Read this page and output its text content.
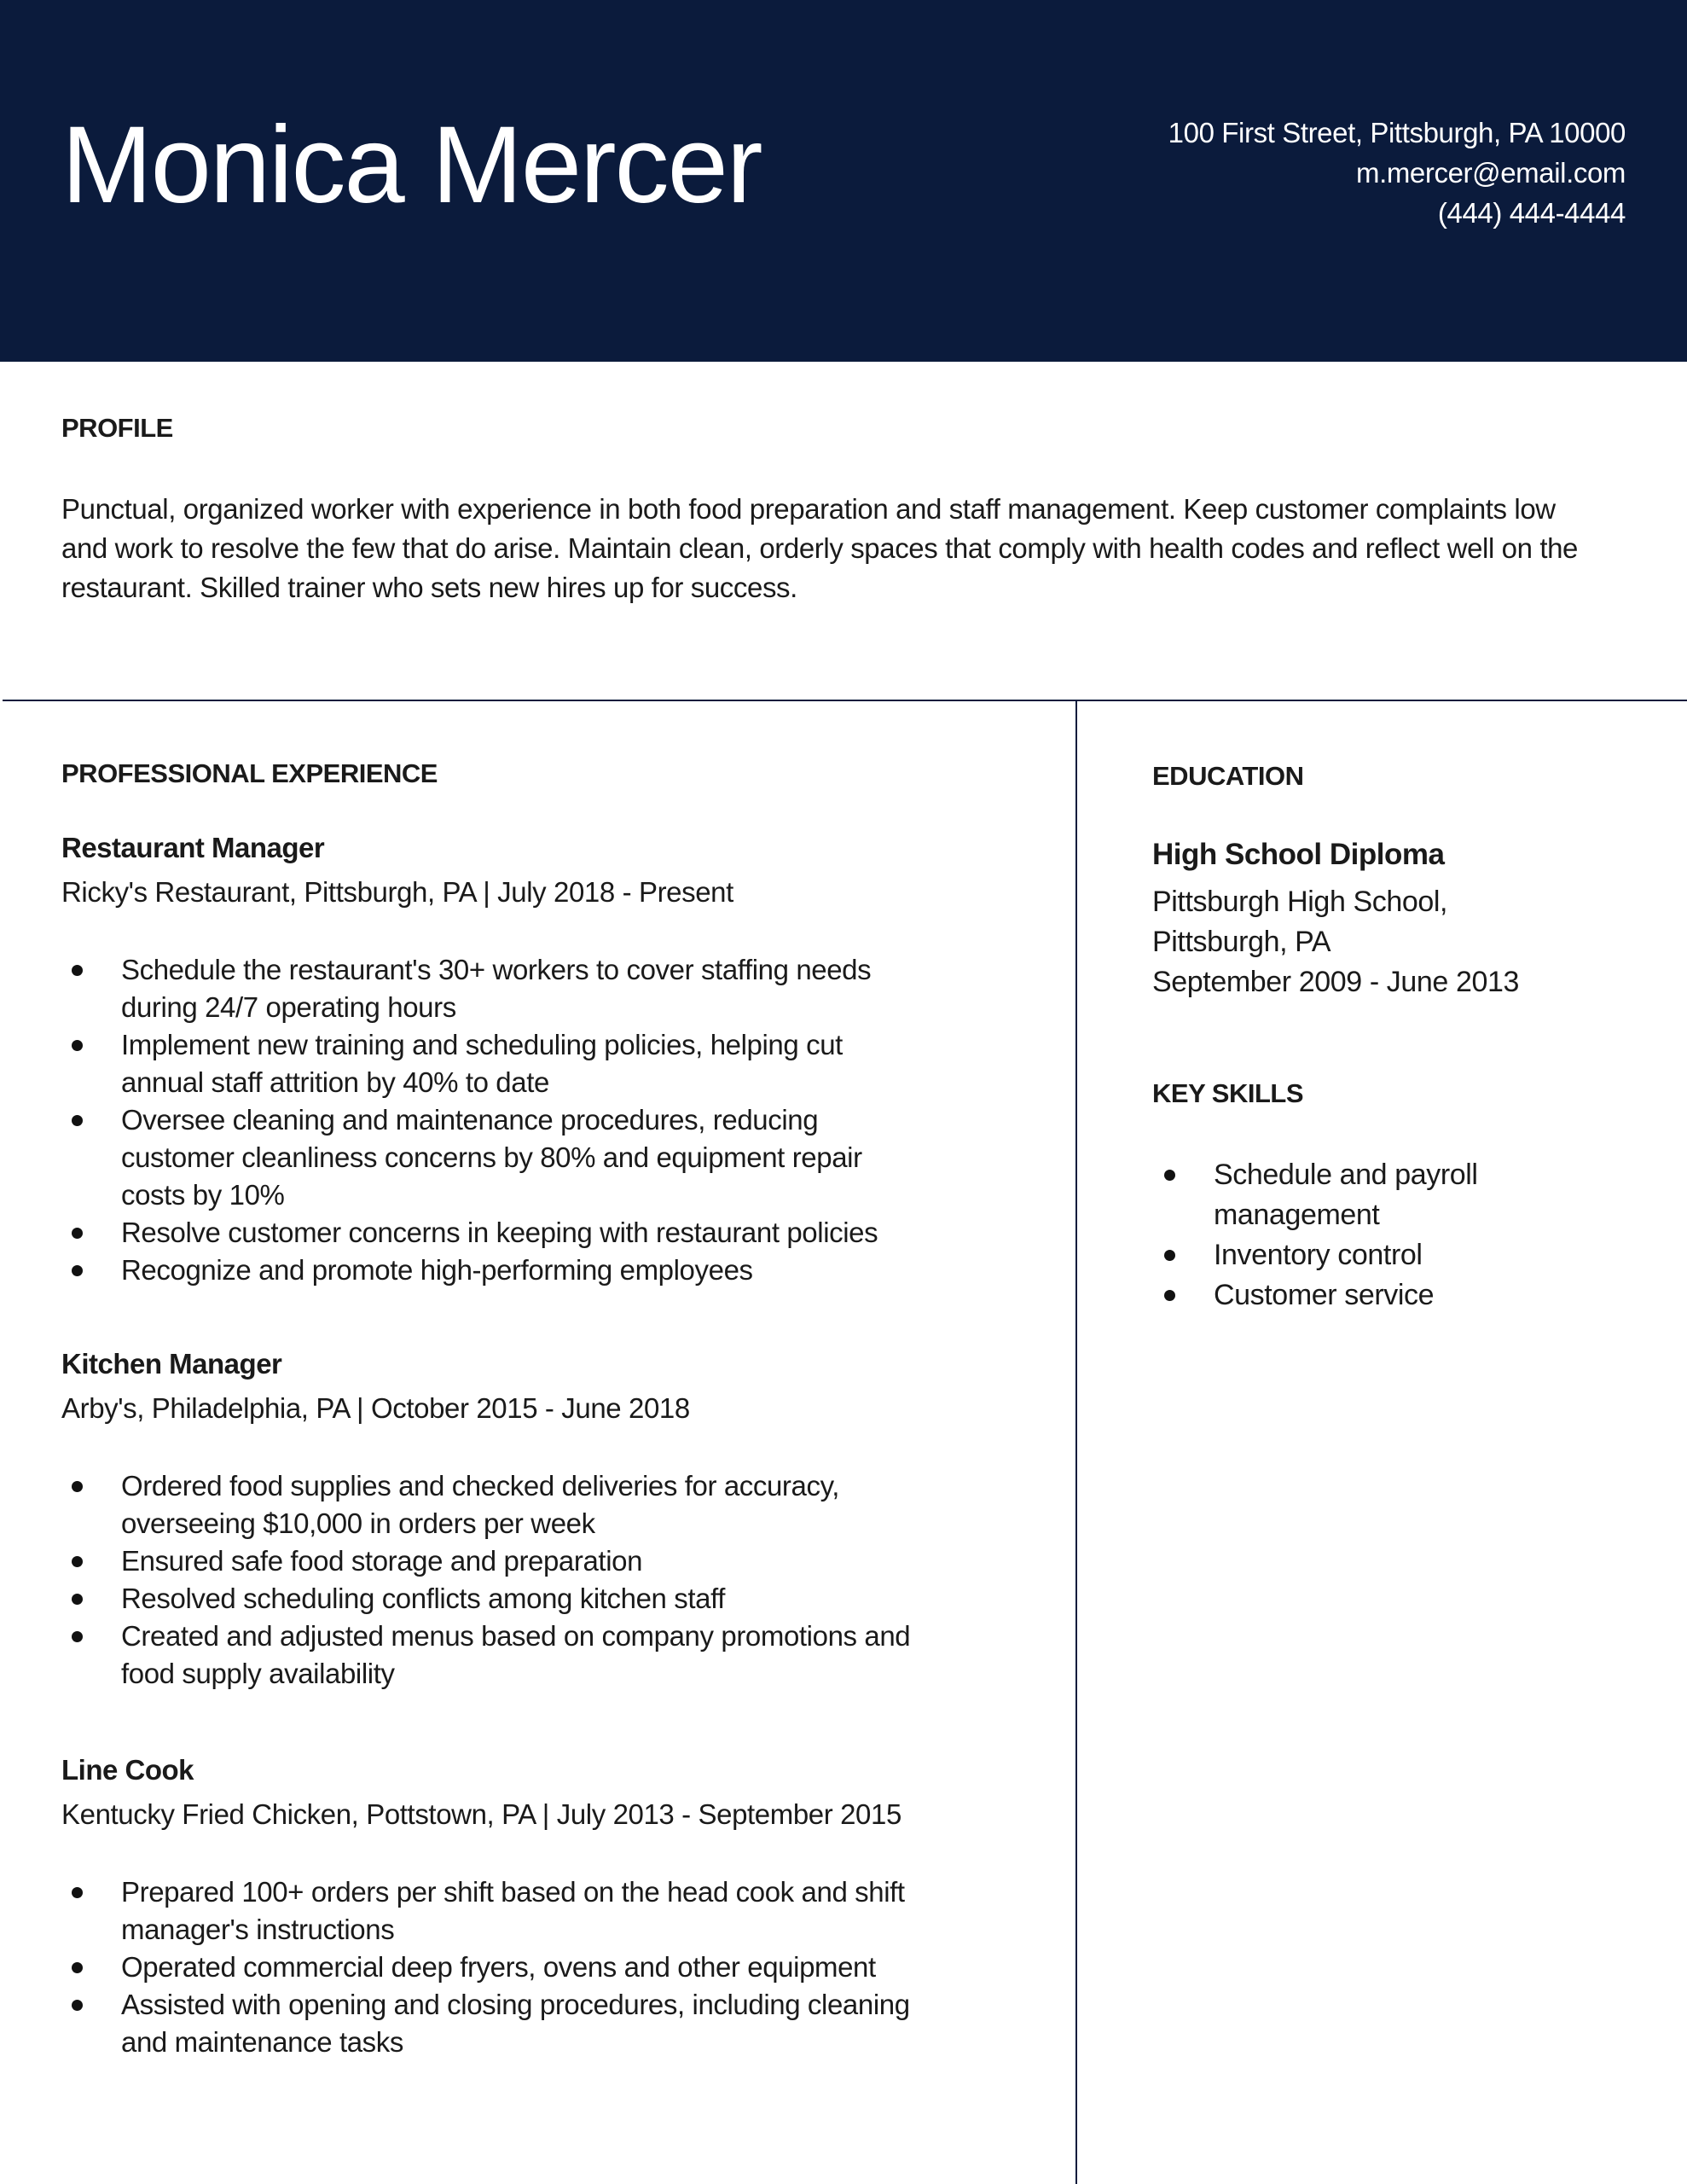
Monica Mercer	100 First Street, Pittsburgh, PA 10000
m.mercer@email.com
(444) 444-4444
PROFILE
Punctual, organized worker with experience in both food preparation and staff management. Keep customer complaints low and work to resolve the few that do arise. Maintain clean, orderly spaces that comply with health codes and reflect well on the restaurant. Skilled trainer who sets new hires up for success.
PROFESSIONAL EXPERIENCE
Restaurant Manager
Ricky's Restaurant, Pittsburgh, PA | July 2018 - Present
Schedule the restaurant's 30+ workers to cover staffing needs during 24/7 operating hours
Implement new training and scheduling policies, helping cut annual staff attrition by 40% to date
Oversee cleaning and maintenance procedures, reducing customer cleanliness concerns by 80% and equipment repair costs by 10%
Resolve customer concerns in keeping with restaurant policies
Recognize and promote high-performing employees
Kitchen Manager
Arby's, Philadelphia, PA | October 2015 - June 2018
Ordered food supplies and checked deliveries for accuracy, overseeing $10,000 in orders per week
Ensured safe food storage and preparation
Resolved scheduling conflicts among kitchen staff
Created and adjusted menus based on company promotions and food supply availability
Line Cook
Kentucky Fried Chicken, Pottstown, PA | July 2013 - September 2015
Prepared 100+ orders per shift based on the head cook and shift manager's instructions
Operated commercial deep fryers, ovens and other equipment
Assisted with opening and closing procedures, including cleaning and maintenance tasks
EDUCATION
High School Diploma
Pittsburgh High School,
Pittsburgh, PA
September 2009 - June 2013
KEY SKILLS
Schedule and payroll management
Inventory control
Customer service
